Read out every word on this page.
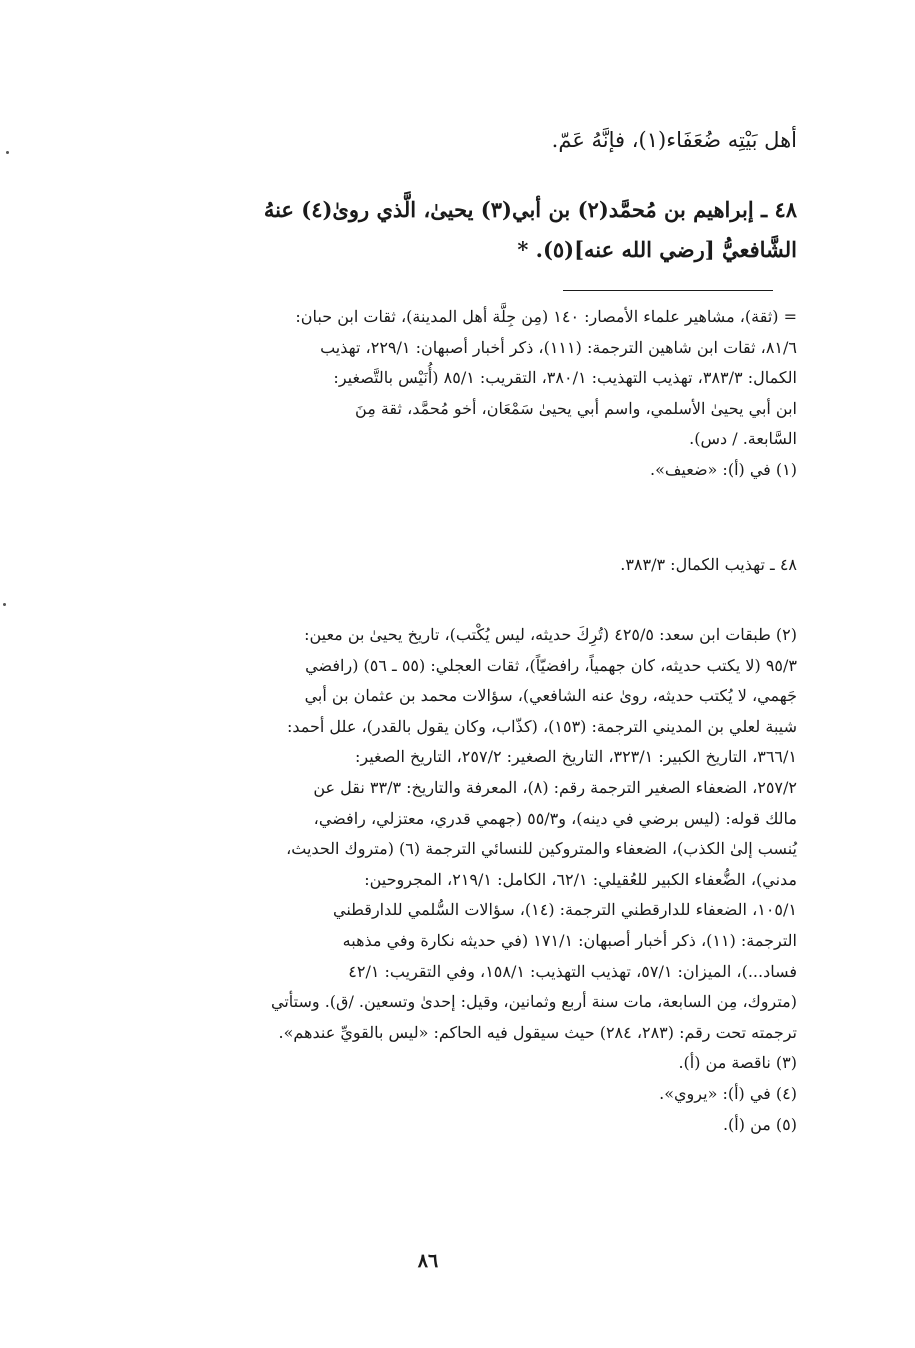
أهل بَيْتِه ضُعَفَاء(١)، فإنَّهُ عَمّ.
٤٨ ـ إبراهيم بن مُحمَّد(٢) بن أبي(٣) يحيىٰ، الَّذي روىٰ(٤) عنهُ
الشَّافعيُّ [رضي الله عنه](٥). *
= (ثقة)، مشاهير علماء الأمصار: ١٤٠ (مِن جِلَّة أهل المدينة)، ثقات ابن حبان:
٨١/٦، ثقات ابن شاهين الترجمة: (١١١)، ذكر أخبار أصبهان: ٢٢٩/١، تهذيب
الكمال: ٣٨٣/٣، تهذيب التهذيب: ٣٨٠/١، التقريب: ٨٥/١ (أُنَيْس بالتَّصغير:
ابن أبي يحيىٰ الأسلمي، واسم أبي يحيىٰ سَمْعَان، أخو مُحمَّد، ثقة مِنَ
السَّابعة. / دس).
(١) في (أ): «ضعيف».
٤٨ ـ تهذيب الكمال: ٣٨٣/٣.
(٢) طبقات ابن سعد: ٤٢٥/٥ (تُرِكَ حديثه، ليس يُكْتب)، تاريخ يحيىٰ بن معين:
٩٥/٣ (لا يكتب حديثه، كان جهمياً، رافضيّاً)، ثقات العجلي: (٥٥ ـ ٥٦) (رافضي
جَهمي، لا يُكتب حديثه، روىٰ عنه الشافعي)، سؤالات محمد بن عثمان بن أبي
شيبة لعلي بن المديني الترجمة: (١٥٣)، (كذّاب، وكان يقول بالقدر)، علل أحمد:
٣٦٦/١، التاريخ الكبير: ٣٢٣/١، التاريخ الصغير: ٢٥٧/٢، التاريخ الصغير:
٢٥٧/٢، الضعفاء الصغير الترجمة رقم: (٨)، المعرفة والتاريخ: ٣٣/٣ نقل عن
مالك قوله: (ليس برضي في دينه)، و٥٥/٣ (جهمي قدري، معتزلي، رافضي،
يُنسب إلىٰ الكذب)، الضعفاء والمتروكين للنسائي الترجمة (٦) (متروك الحديث،
مدني)، الضُّعفاء الكبير للعُقيلي: ٦٢/١، الكامل: ٢١٩/١، المجروحين:
١٠٥/١، الضعفاء للدارقطني الترجمة: (١٤)، سؤالات السُّلمي للدارقطني
الترجمة: (١١)، ذكر أخبار أصبهان: ١٧١/١ (في حديثه نكارة وفي مذهبه
فساد...)، الميزان: ٥٧/١، تهذيب التهذيب: ١٥٨/١، وفي التقريب: ٤٢/١
(متروك، مِن السابعة، مات سنة أربع وثمانين، وقيل: إحدىٰ وتسعين. /ق). وستأتي
ترجمته تحت رقم: (٢٨٣، ٢٨٤) حيث سيقول فيه الحاكم: «ليس بالقويِّ عندهم».
(٣) ناقصة من (أ).
(٤) في (أ): «يروي».
(٥) من (أ).
٨٦
